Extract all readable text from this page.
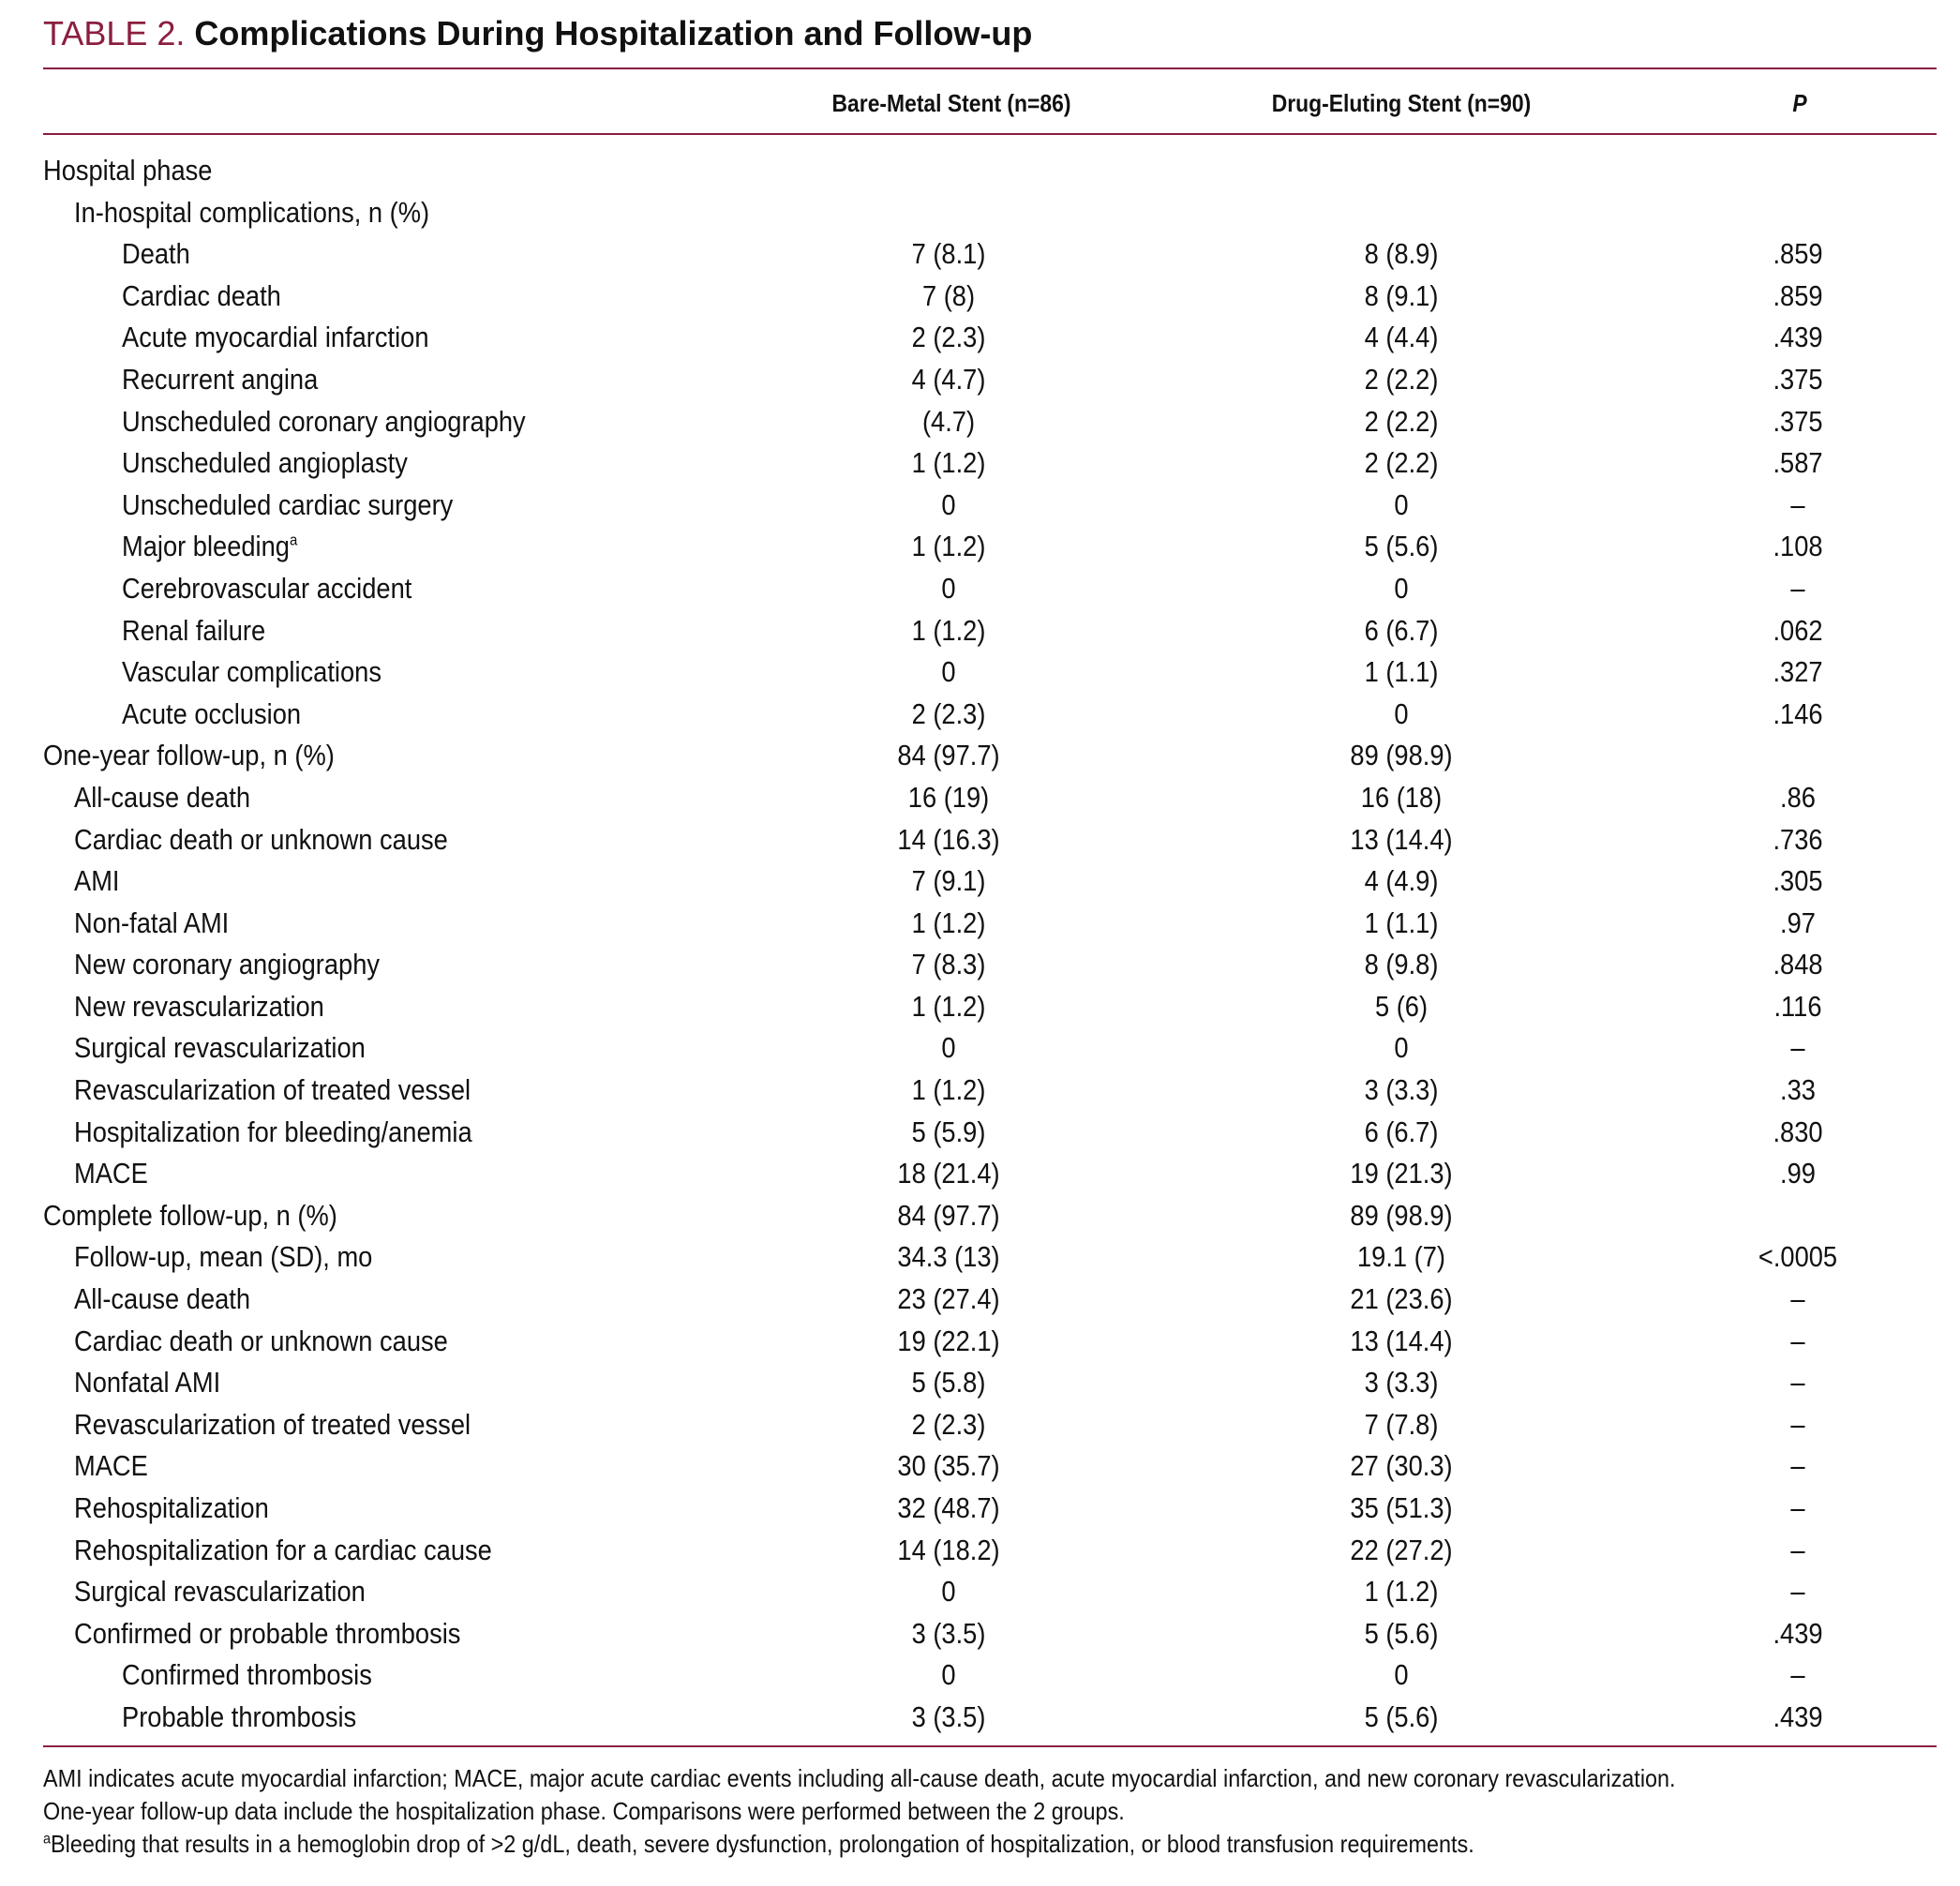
TABLE 2. Complications During Hospitalization and Follow-up
Bare-Metal Stent (n=86)	Drug-Eluting Stent (n=90)	P
Hospital phase
In-hospital complications, n (%)
Death	7 (8.1)	8 (8.9)	.859
Cardiac death	7 (8)	8 (9.1)	.859
Acute myocardial infarction	2 (2.3)	4 (4.4)	.439
Recurrent angina	4 (4.7)	2 (2.2)	.375
Unscheduled coronary angiography	(4.7)	2 (2.2)	.375
Unscheduled angioplasty	1 (1.2)	2 (2.2)	.587
Unscheduled cardiac surgery	0	0	–
Major bleeding$^a$	1 (1.2)	5 (5.6)	.108
Cerebrovascular accident	0	0	–
Renal failure	1 (1.2)	6 (6.7)	.062
Vascular complications	0	1 (1.1)	.327
Acute occlusion	2 (2.3)	0	.146
One-year follow-up, n (%)	84 (97.7)	89 (98.9)
All-cause death	16 (19)	16 (18)	.86
Cardiac death or unknown cause	14 (16.3)	13 (14.4)	.736
AMI	7 (9.1)	4 (4.9)	.305
Non-fatal AMI	1 (1.2)	1 (1.1)	.97
New coronary angiography	7 (8.3)	8 (9.8)	.848
New revascularization	1 (1.2)	5 (6)	.116
Surgical revascularization	0	0	–
Revascularization of treated vessel	1 (1.2)	3 (3.3)	.33
Hospitalization for bleeding/anemia	5 (5.9)	6 (6.7)	.830
MACE	18 (21.4)	19 (21.3)	.99
Complete follow-up, n (%)	84 (97.7)	89 (98.9)
Follow-up, mean (SD), mo	34.3 (13)	19.1 (7)	<.0005
All-cause death	23 (27.4)	21 (23.6)	–
Cardiac death or unknown cause	19 (22.1)	13 (14.4)	–
Nonfatal AMI	5 (5.8)	3 (3.3)	–
Revascularization of treated vessel	2 (2.3)	7 (7.8)	–
MACE	30 (35.7)	27 (30.3)	–
Rehospitalization	32 (48.7)	35 (51.3)	–
Rehospitalization for a cardiac cause	14 (18.2)	22 (27.2)	–
Surgical revascularization	0	1 (1.2)	–
Confirmed or probable thrombosis	3 (3.5)	5 (5.6)	.439
Confirmed thrombosis	0	0	–
Probable thrombosis	3 (3.5)	5 (5.6)	.439
AMI indicates acute myocardial infarction; MACE, major acute cardiac events including all-cause death, acute myocardial infarction, and new coronary revascularization.
One-year follow-up data include the hospitalization phase. Comparisons were performed between the 2 groups.
$^a$Bleeding that results in a hemoglobin drop of >2 g/dL, death, severe dysfunction, prolongation of hospitalization, or blood transfusion requirements.
